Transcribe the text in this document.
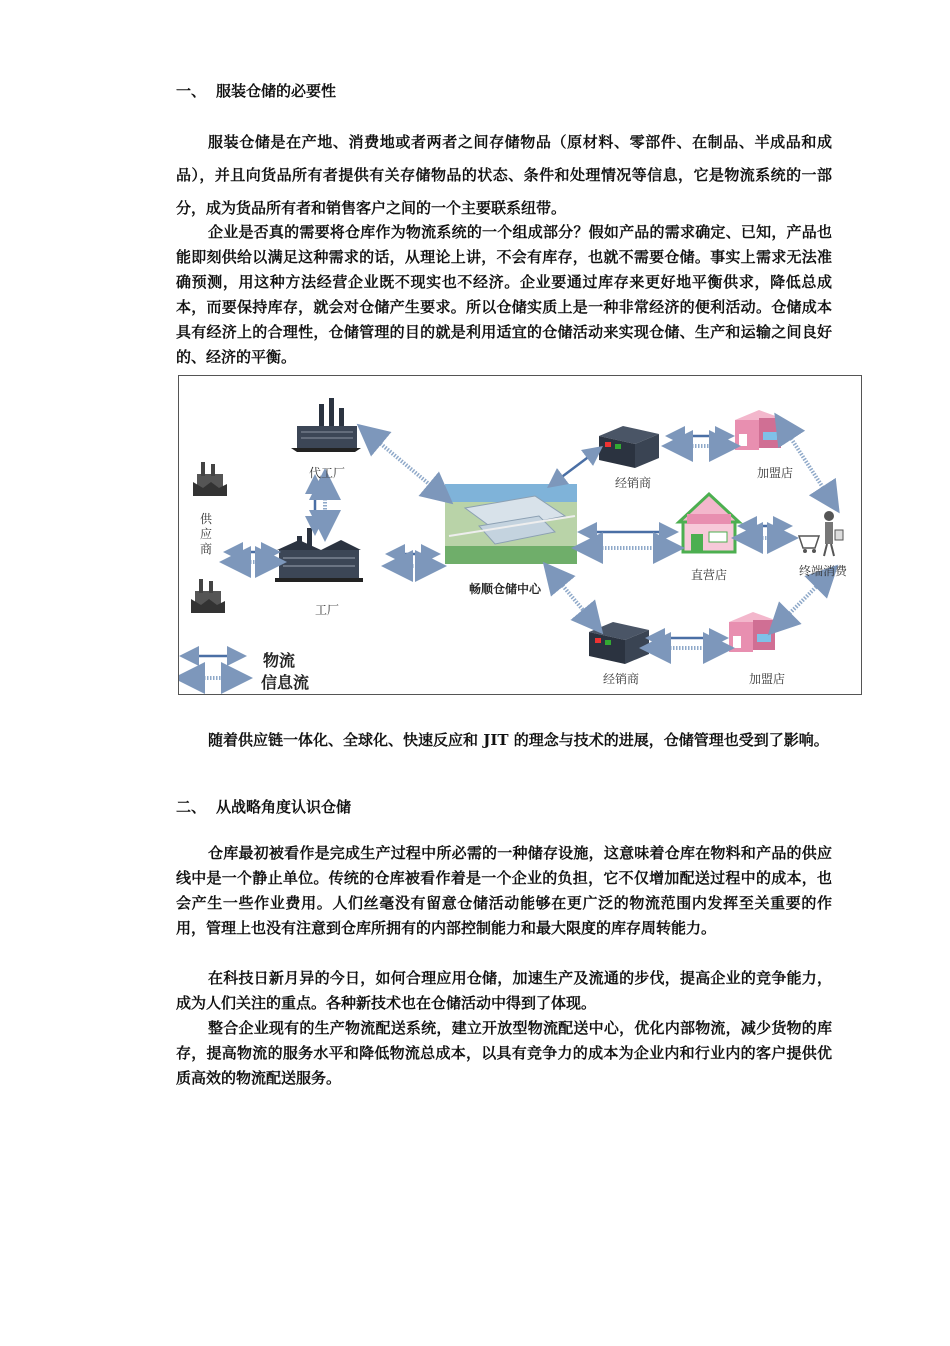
一、 服装仓储的必要性

服装仓储是在产地、消费地或者两者之间存储物品（原材料、零部件、在制品、半成品和成品），并且向货品所有者提供有关存储物品的状态、条件和处理情况等信息，它是物流系统的一部分，成为货品所有者和销售客户之间的一个主要联系纽带。

企业是否真的需要将仓库作为物流系统的一个组成部分？假如产品的需求确定、已知，产品也能即刻供给以满足这种需求的话，从理论上讲，不会有库存，也就不需要仓储。事实上需求无法准确预测，用这种方法经营企业既不现实也不经济。企业要通过库存来更好地平衡供求，降低总成本，而要保持库存，就会对仓储产生要求。所以仓储实质上是一种非常经济的便利活动。仓储成本具有经济上的合理性，仓储管理的目的就是利用适宜的仓储活动来实现仓储、生产和运输之间良好的、经济的平衡。

供应商
代工厂
工厂
畅顺仓储中心
经销商
经销商
加盟店
加盟店
直营店	终端消费
物流
信息流

随着供应链一体化、全球化、快速反应和 JIT 的理念与技术的进展，仓储管理也受到了影响。

二、 从战略角度认识仓储

仓库最初被看作是完成生产过程中所必需的一种储存设施，这意味着仓库在物料和产品的供应线中是一个静止单位。传统的仓库被看作着是一个企业的负担，它不仅增加配送过程中的成本，也会产生一些作业费用。人们丝毫没有留意仓储活动能够在更广泛的物流范围内发挥至关重要的作用，管理上也没有注意到仓库所拥有的内部控制能力和最大限度的库存周转能力。

在科技日新月异的今日，如何合理应用仓储，加速生产及流通的步伐，提高企业的竞争能力，成为人们关注的重点。各种新技术也在仓储活动中得到了体现。

整合企业现有的生产物流配送系统，建立开放型物流配送中心，优化内部物流，减少货物的库存，提高物流的服务水平和降低物流总成本，以具有竞争力的成本为企业内和行业内的客户提供优质高效的物流配送服务。
